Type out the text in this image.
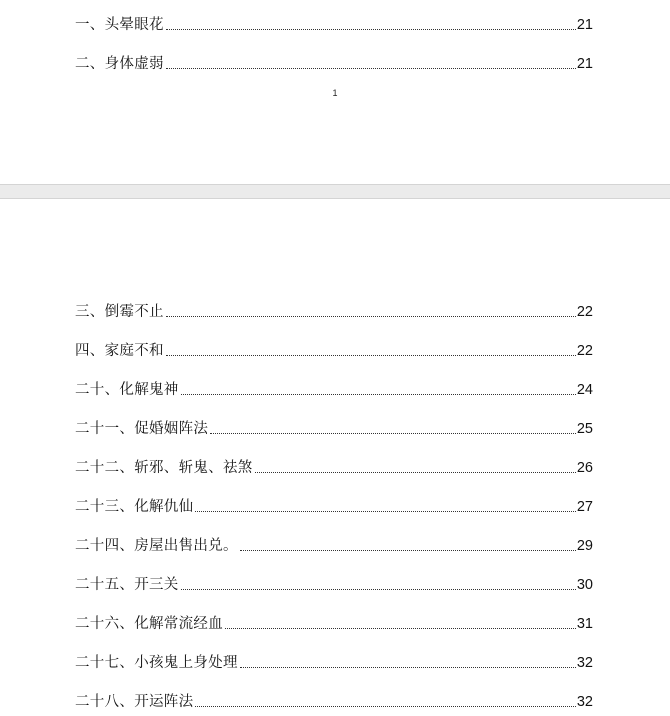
一、头晕眼花	21
二、身体虚弱	21
1
三、倒霉不止	22
四、家庭不和	22
二十、化解鬼神	24
二十一、促婚姻阵法	25
二十二、斩邪、斩鬼、祛煞	26
二十三、化解仇仙	27
二十四、房屋出售出兑。	29
二十五、开三关	30
二十六、化解常流经血	31
二十七、小孩鬼上身处理	32
二十八、开运阵法	32
